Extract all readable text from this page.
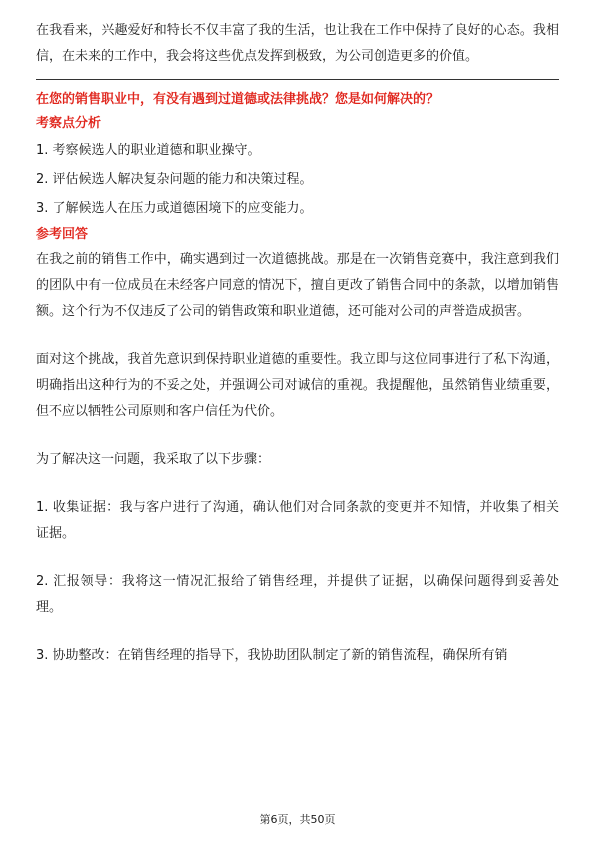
在我看来，兴趣爱好和特长不仅丰富了我的生活，也让我在工作中保持了良好的心态。我相信，在未来的工作中，我会将这些优点发挥到极致，为公司创造更多的价值。

在您的销售职业中，有没有遇到过道德或法律挑战？您是如何解决的？

考察点分析

1. 考察候选人的职业道德和职业操守。

2. 评估候选人解决复杂问题的能力和决策过程。

3. 了解候选人在压力或道德困境下的应变能力。

参考回答

在我之前的销售工作中，确实遇到过一次道德挑战。那是在一次销售竞赛中，我注意到我们的团队中有一位成员在未经客户同意的情况下，擅自更改了销售合同中的条款，以增加销售额。这个行为不仅违反了公司的销售政策和职业道德，还可能对公司的声誉造成损害。

面对这个挑战，我首先意识到保持职业道德的重要性。我立即与这位同事进行了私下沟通，明确指出这种行为的不妥之处，并强调公司对诚信的重视。我提醒他，虽然销售业绩重要，但不应以牺牲公司原则和客户信任为代价。

为了解决这一问题，我采取了以下步骤：

1. 收集证据：我与客户进行了沟通，确认他们对合同条款的变更并不知情，并收集了相关证据。

2. 汇报领导：我将这一情况汇报给了销售经理，并提供了证据，以确保问题得到妥善处理。

3. 协助整改：在销售经理的指导下，我协助团队制定了新的销售流程，确保所有销

第6页，共50页
